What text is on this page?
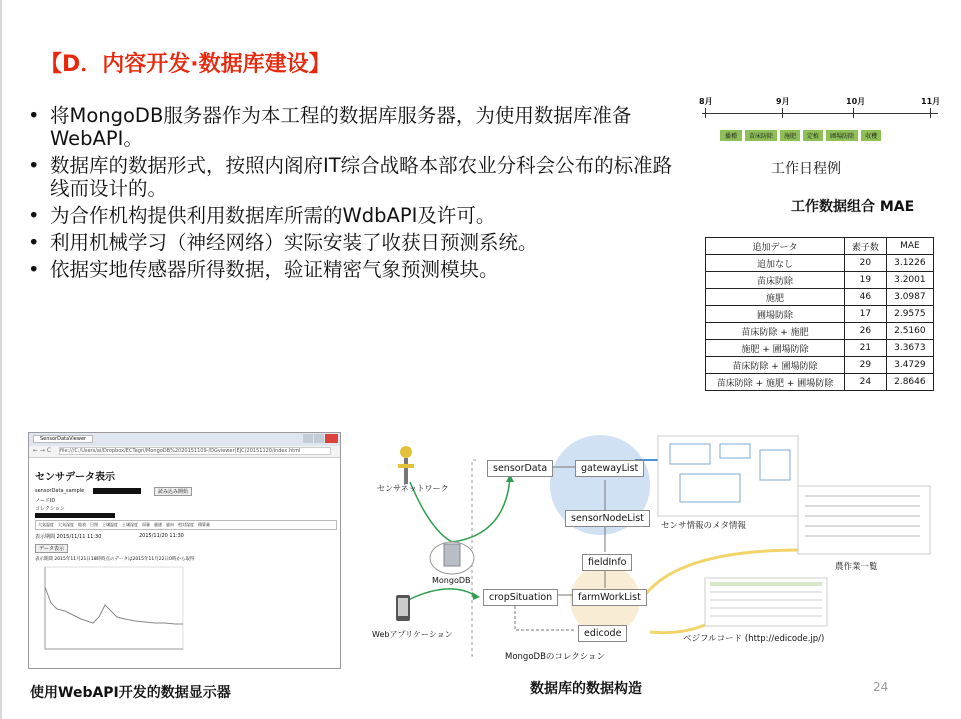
【D．内容开发·数据库建设】
• 将MongoDB服务器作为本工程的数据库服务器，为使用数据库准备WebAPI。
• 数据库的数据形式，按照内阁府IT综合战略本部农业分科会公布的标准路线而设计的。
• 为合作机构提供利用数据库所需的WdbAPI及许可。
• 利用机械学习（神经网络）实际安装了收获日预测系统。
• 依据实地传感器所得数据，验证精密气象预测模块。
8月	9月	10月	11月
播種	苗床防除	施肥	定植	圃場防除	収穫
工作日程例
工作数据组合 MAE
追加データ	素子数	MAE
追加なし	20	3.1226
苗床防除	19	3.2001
施肥	46	3.0987
圃場防除	17	2.9575
苗床防除 + 施肥	26	2.5160
施肥 + 圃場防除	21	3.3673
苗床防除 + 圃場防除	29	3.4729
苗床防除 + 施肥 + 圃場防除	24	2.8646
SensorDataViewer
← → C file:///C:/Users/ai/Dropbox/ECTagri/MongoDB%2020151109-/DGviewer(EJC)20151120/index.html
センサデータ表示
sensorData_sample	読み込み開始
ノードID
コレクション
大気温度 大気湿度 地表 日照 土壌温度 土壌湿度 雨量 風速 風向 相対湿度 積算量
表示期間 2015/11/11 11:30	2015/11/20 11:30
データ表示
表示期間 2015年11月21日18時時点のデータは2015年11月22日0時から取得
sensorData	gatewayList
sensorNodeList
fieldInfo
cropSituation	farmWorkList
edicode
センサネットワーク
MongoDB
Webアプリケーション
MongoDBのコレクション
センサ情報のメタ情報
農作業一覧
ベジフルコード (http://edicode.jp/)
使用WebAPI开发的数据显示器	数据库的数据构造	24
